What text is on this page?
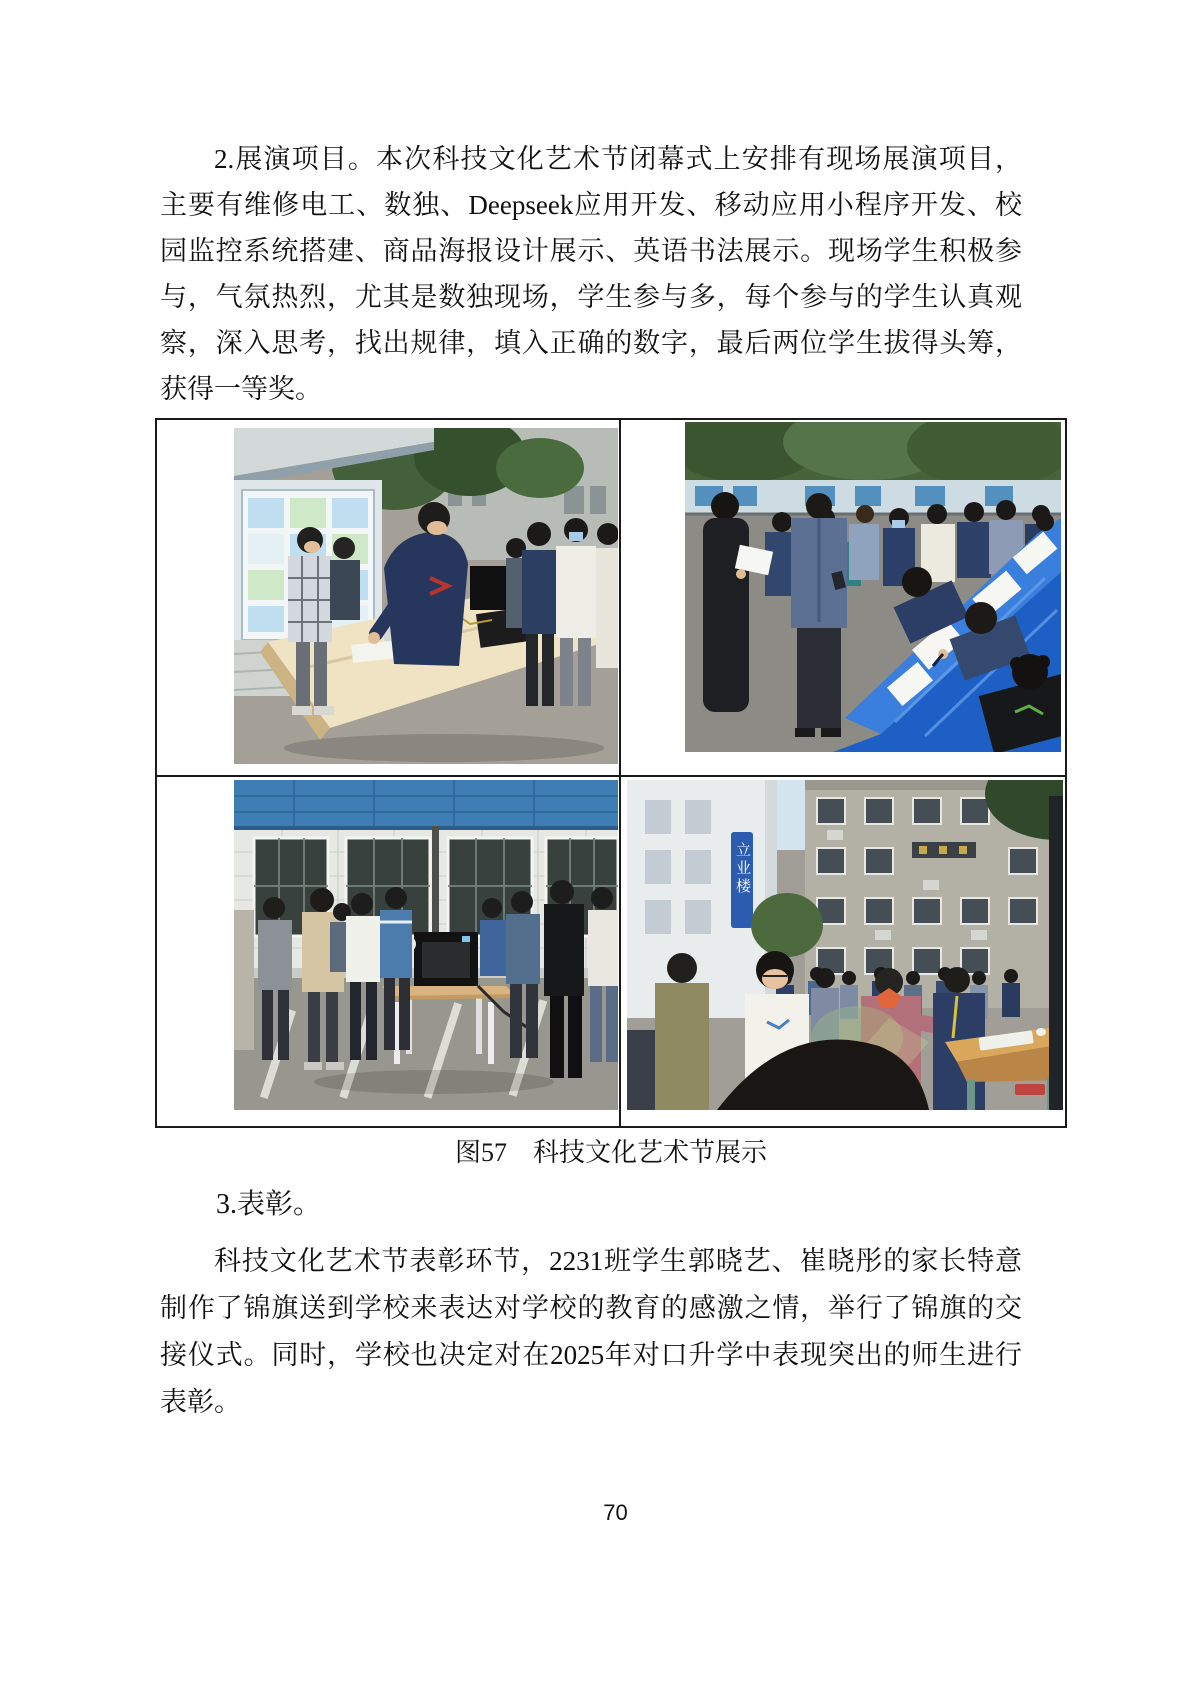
2.展演项目。本次科技文化艺术节闭幕式上安排有现场展演项目，
主要有维修电工、数独、Deepseek应用开发、移动应用小程序开发、校
园监控系统搭建、商品海报设计展示、英语书法展示。现场学生积极参
与，气氛热烈，尤其是数独现场，学生参与多，每个参与的学生认真观
察，深入思考，找出规律，填入正确的数字，最后两位学生拔得头筹，
获得一等奖。
立业楼
图57 科技文化艺术节展示
3.表彰。
科技文化艺术节表彰环节，2231班学生郭晓艺、崔晓彤的家长特意
制作了锦旗送到学校来表达对学校的教育的感激之情，举行了锦旗的交
接仪式。同时，学校也决定对在2025年对口升学中表现突出的师生进行
表彰。
70
